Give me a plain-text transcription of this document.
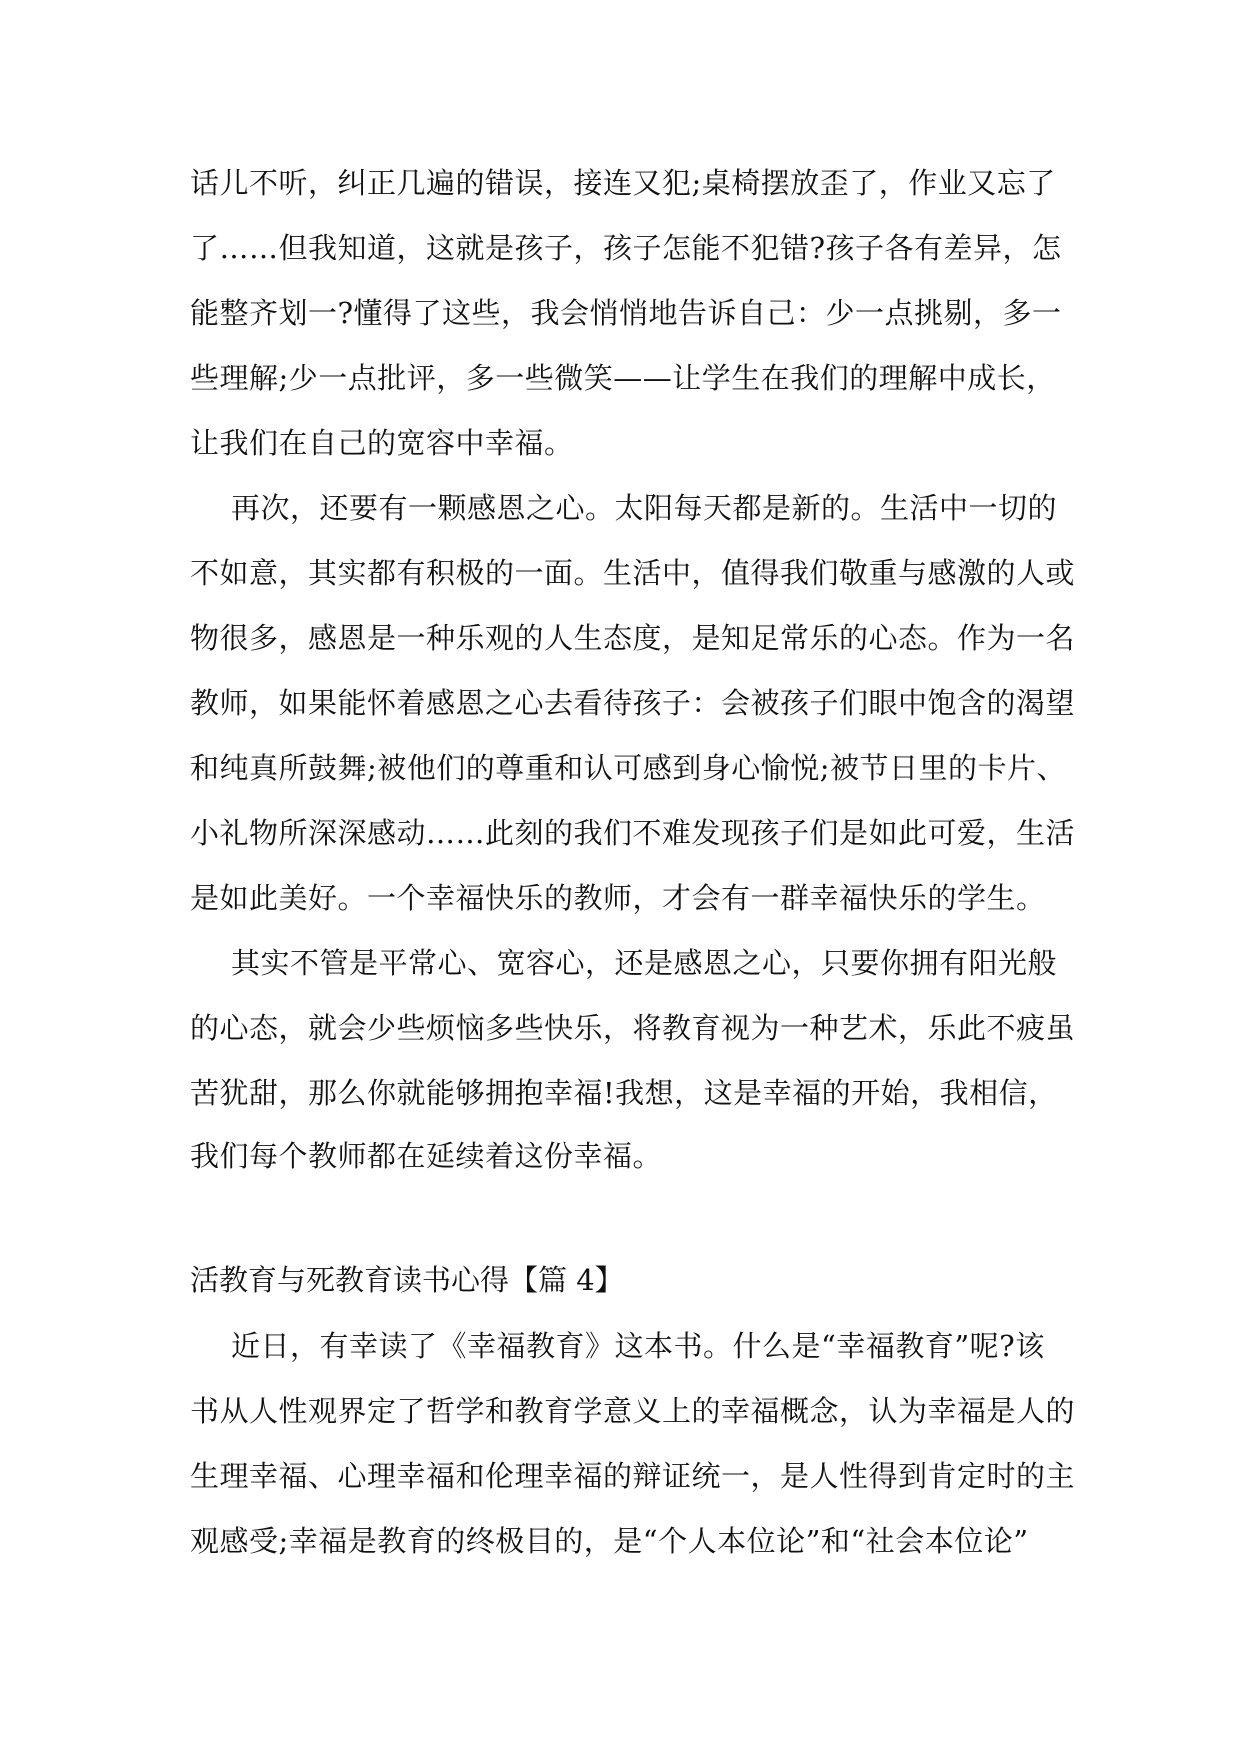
话儿不听，纠正几遍的错误，接连又犯;桌椅摆放歪了，作业又忘了
了……但我知道，这就是孩子，孩子怎能不犯错?孩子各有差异，怎
能整齐划一?懂得了这些，我会悄悄地告诉自己：少一点挑剔，多一
些理解;少一点批评，多一些微笑——让学生在我们的理解中成长，
让我们在自己的宽容中幸福。
再次，还要有一颗感恩之心。太阳每天都是新的。生活中一切的
不如意，其实都有积极的一面。生活中，值得我们敬重与感激的人或
物很多，感恩是一种乐观的人生态度，是知足常乐的心态。作为一名
教师，如果能怀着感恩之心去看待孩子：会被孩子们眼中饱含的渴望
和纯真所鼓舞;被他们的尊重和认可感到身心愉悦;被节日里的卡片、
小礼物所深深感动……此刻的我们不难发现孩子们是如此可爱，生活
是如此美好。一个幸福快乐的教师，才会有一群幸福快乐的学生。
其实不管是平常心、宽容心，还是感恩之心，只要你拥有阳光般
的心态，就会少些烦恼多些快乐，将教育视为一种艺术，乐此不疲虽
苦犹甜，那么你就能够拥抱幸福!我想，这是幸福的开始，我相信，
我们每个教师都在延续着这份幸福。
活教育与死教育读书心得【篇 4】
近日，有幸读了《幸福教育》这本书。什么是“幸福教育”呢?该
书从人性观界定了哲学和教育学意义上的幸福概念，认为幸福是人的
生理幸福、心理幸福和伦理幸福的辩证统一，是人性得到肯定时的主
观感受;幸福是教育的终极目的，是“个人本位论”和“社会本位论”
